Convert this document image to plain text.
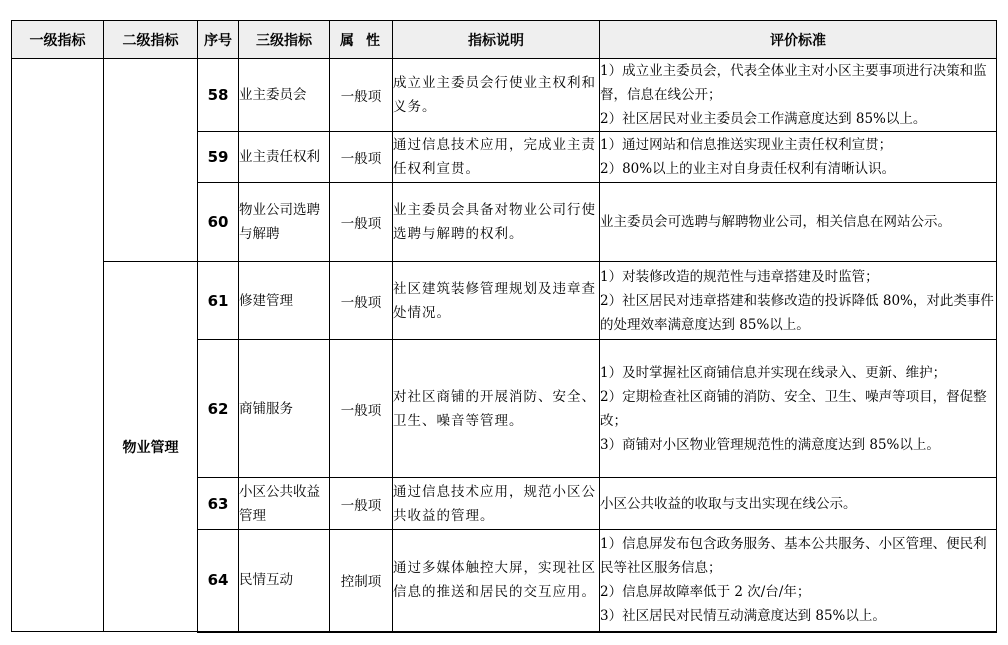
一级指标	二级指标	序号	三级指标	属性	指标说明	评价标准
		58	业主委员会	一般项	成立业主委员会行使业主权利和义务。	1）成立业主委员会，代表全体业主对小区主要事项进行决策和监督，信息在线公开；
2）社区居民对业主委员会工作满意度达到 85%以上。

		59	业主责任权利	一般项	通过信息技术应用，完成业主责任权利宣贯。	1）通过网站和信息推送实现业主责任权利宣贯；
2）80%以上的业主对自身责任权利有清晰认识。

		60	物业公司选聘与解聘	一般项	业主委员会具备对物业公司行使选聘与解聘的权利。	业主委员会可选聘与解聘物业公司，相关信息在网站公示。

	物业管理	61	修建管理	一般项	社区建筑装修管理规划及违章查处情况。	1）对装修改造的规范性与违章搭建及时监管；
2）社区居民对违章搭建和装修改造的投诉降低 80%，对此类事件的处理效率满意度达到 85%以上。

		62	商铺服务	一般项	对社区商铺的开展消防、安全、卫生、噪音等管理。	1）及时掌握社区商铺信息并实现在线录入、更新、维护；
2）定期检查社区商铺的消防、安全、卫生、噪声等项目，督促整改；
3）商铺对小区物业管理规范性的满意度达到 85%以上。

		63	小区公共收益管理	一般项	通过信息技术应用，规范小区公共收益的管理。	小区公共收益的收取与支出实现在线公示。

		64	民情互动	控制项	通过多媒体触控大屏，实现社区信息的推送和居民的交互应用。	1）信息屏发布包含政务服务、基本公共服务、小区管理、便民利民等社区服务信息；
2）信息屏故障率低于 2 次/台/年；
3）社区居民对民情互动满意度达到 85%以上。
